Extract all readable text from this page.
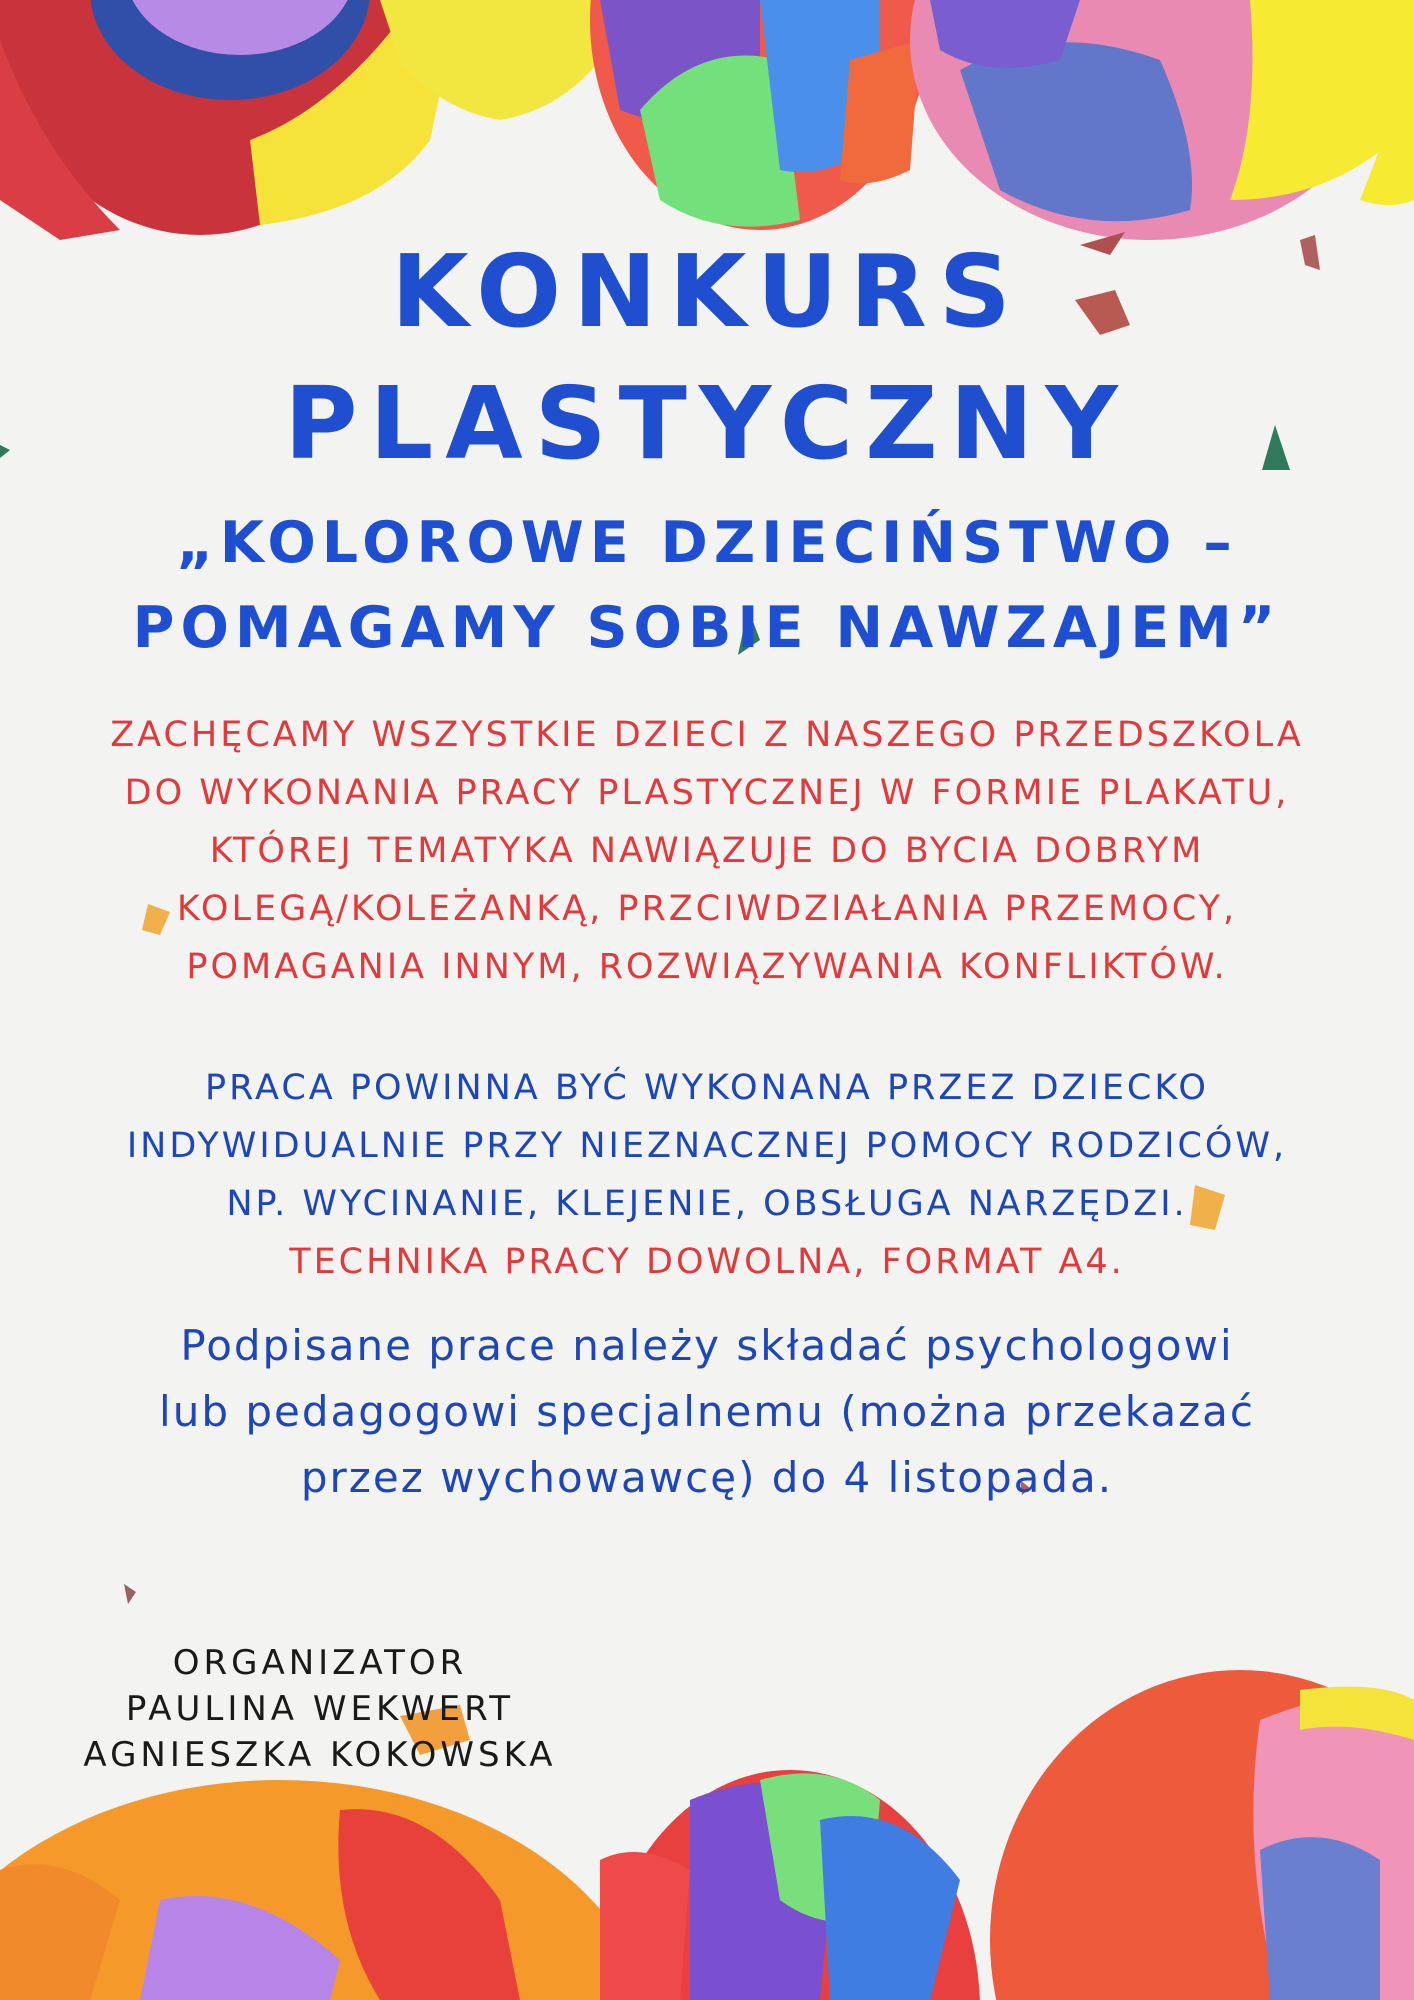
KONKURS
PLASTYCZNY
„KOLOROWE DZIECIŃSTWO –
POMAGAMY SOBIE NAWZAJEM”
ZACHĘCAMY WSZYSTKIE DZIECI Z NASZEGO PRZEDSZKOLA
DO WYKONANIA PRACY PLASTYCZNEJ W FORMIE PLAKATU,
KTÓREJ TEMATYKA NAWIĄZUJE DO BYCIA DOBRYM
KOLEGĄ/KOLEŻANKĄ, PRZCIWDZIAŁANIA PRZEMOCY,
POMAGANIA INNYM, ROZWIĄZYWANIA KONFLIKTÓW.
PRACA POWINNA BYĆ WYKONANA PRZEZ DZIECKO
INDYWIDUALNIE PRZY NIEZNACZNEJ POMOCY RODZICÓW,
NP. WYCINANIE, KLEJENIE, OBSŁUGA NARZĘDZI.
TECHNIKA PRACY DOWOLNA, FORMAT A4.
Podpisane prace należy składać psychologowi
lub pedagogowi specjalnemu (można przekazać
przez wychowawcę) do 4 listopada.
ORGANIZATOR
PAULINA WEKWERT
AGNIESZKA KOKOWSKA
